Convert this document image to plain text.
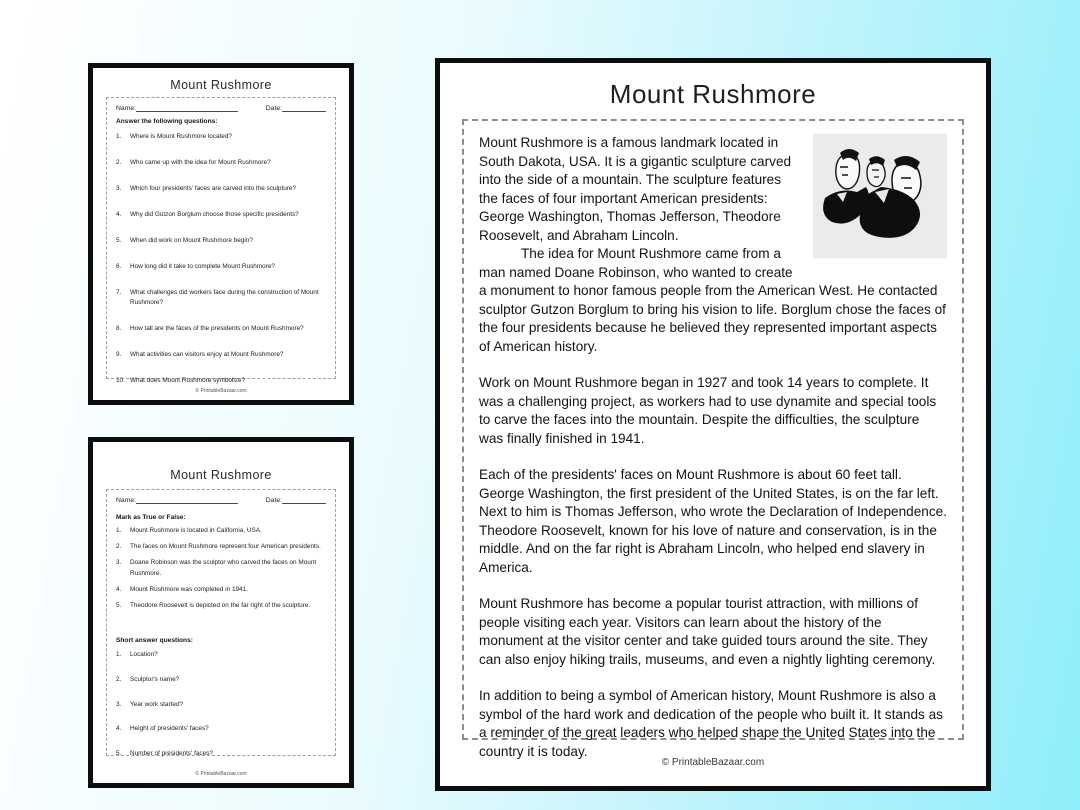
Mount Rushmore
Name:	Date:
Answer the following questions:
1.	Where is Mount Rushmore located?
2.	Who came up with the idea for Mount Rushmore?
3.	Which four presidents' faces are carved into the sculpture?
4.	Why did Gutzon Borglum choose those specific presidents?
5.	When did work on Mount Rushmore begin?
6.	How long did it take to complete Mount Rushmore?
7.	What challenges did workers face during the construction of Mount Rushmore?
8.	How tall are the faces of the presidents on Mount Rushmore?
9.	What activities can visitors enjoy at Mount Rushmore?
10. What does Mount Rushmore symbolize?
© PrintableBazaar.com
Mount Rushmore
Name:	Date:
Mark as True or False:
1.	Mount Rushmore is located in California, USA.
2.	The faces on Mount Rushmore represent four American presidents.
3.	Doane Robinson was the sculptor who carved the faces on Mount Rushmore.
4.	Mount Rushmore was completed in 1941.
5.	Theodore Roosevelt is depicted on the far right of the sculpture.
Short answer questions:
1.	Location?
2.	Sculptor's name?
3.	Year work started?
4.	Height of presidents' faces?
5.	Number of presidents' faces?
© PrintableBazaar.com
Mount Rushmore

Mount Rushmore is a famous landmark located in South Dakota, USA. It is a gigantic sculpture carved into the side of a mountain. The sculpture features the faces of four important American presidents: George Washington, Thomas Jefferson, Theodore Roosevelt, and Abraham Lincoln.

The idea for Mount Rushmore came from a man named Doane Robinson, who wanted to create a monument to honor famous people from the American West. He contacted sculptor Gutzon Borglum to bring his vision to life. Borglum chose the faces of the four presidents because he believed they represented important aspects of American history.

Work on Mount Rushmore began in 1927 and took 14 years to complete. It was a challenging project, as workers had to use dynamite and special tools to carve the faces into the mountain. Despite the difficulties, the sculpture was finally finished in 1941.

Each of the presidents' faces on Mount Rushmore is about 60 feet tall. George Washington, the first president of the United States, is on the far left. Next to him is Thomas Jefferson, who wrote the Declaration of Independence. Theodore Roosevelt, known for his love of nature and conservation, is in the middle. And on the far right is Abraham Lincoln, who helped end slavery in America.

Mount Rushmore has become a popular tourist attraction, with millions of people visiting each year. Visitors can learn about the history of the monument at the visitor center and take guided tours around the site. They can also enjoy hiking trails, museums, and even a nightly lighting ceremony.

In addition to being a symbol of American history, Mount Rushmore is also a symbol of the hard work and dedication of the people who built it. It stands as a reminder of the great leaders who helped shape the United States into the country it is today.

© PrintableBazaar.com
